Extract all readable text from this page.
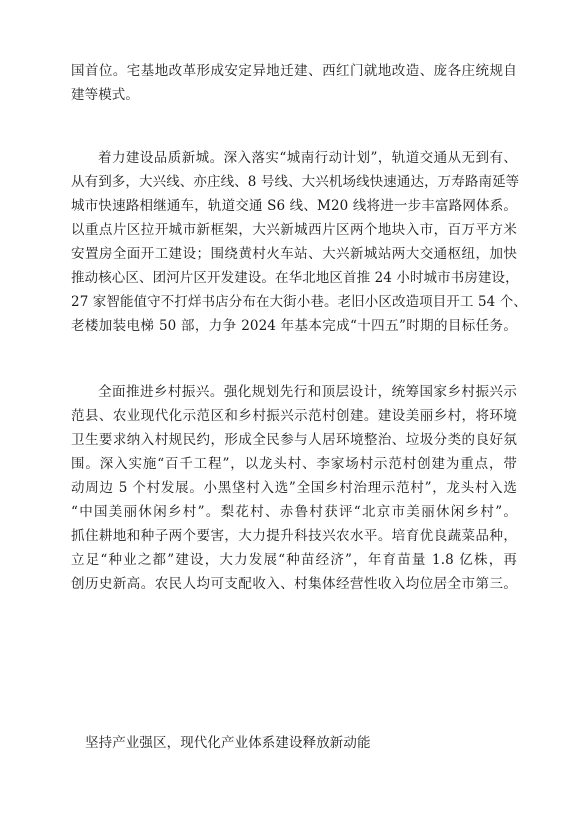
国首位。宅基地改革形成安定异地迁建、西红门就地改造、庞各庄统规自
建等模式。
着力建设品质新城。深入落实“城南行动计划”，轨道交通从无到有、
从有到多，大兴线、亦庄线、8 号线、大兴机场线快速通达，万寿路南延等
城市快速路相继通车，轨道交通 S6 线、M20 线将进一步丰富路网体系。
以重点片区拉开城市新框架，大兴新城西片区两个地块入市，百万平方米
安置房全面开工建设；围绕黄村火车站、大兴新城站两大交通枢纽，加快
推动核心区、团河片区开发建设。在华北地区首推 24 小时城市书房建设，
27 家智能值守不打烊书店分布在大街小巷。老旧小区改造项目开工 54 个、
老楼加装电梯 50 部，力争 2024 年基本完成“十四五”时期的目标任务。
全面推进乡村振兴。强化规划先行和顶层设计，统筹国家乡村振兴示
范县、农业现代化示范区和乡村振兴示范村创建。建设美丽乡村，将环境
卫生要求纳入村规民约，形成全民参与人居环境整治、垃圾分类的良好氛
围。深入实施“百千工程”，以龙头村、李家场村示范村创建为重点，带
动周边 5 个村发展。小黑垡村入选”全国乡村治理示范村”，龙头村入选
“中国美丽休闲乡村”。梨花村、赤鲁村获评“北京市美丽休闲乡村”。
抓住耕地和种子两个要害，大力提升科技兴农水平。培育优良蔬菜品种，
立足“种业之都”建设，大力发展“种苗经济”，年育苗量 1.8 亿株，再
创历史新高。农民人均可支配收入、村集体经营性收入均位居全市第三。
坚持产业强区，现代化产业体系建设释放新动能
